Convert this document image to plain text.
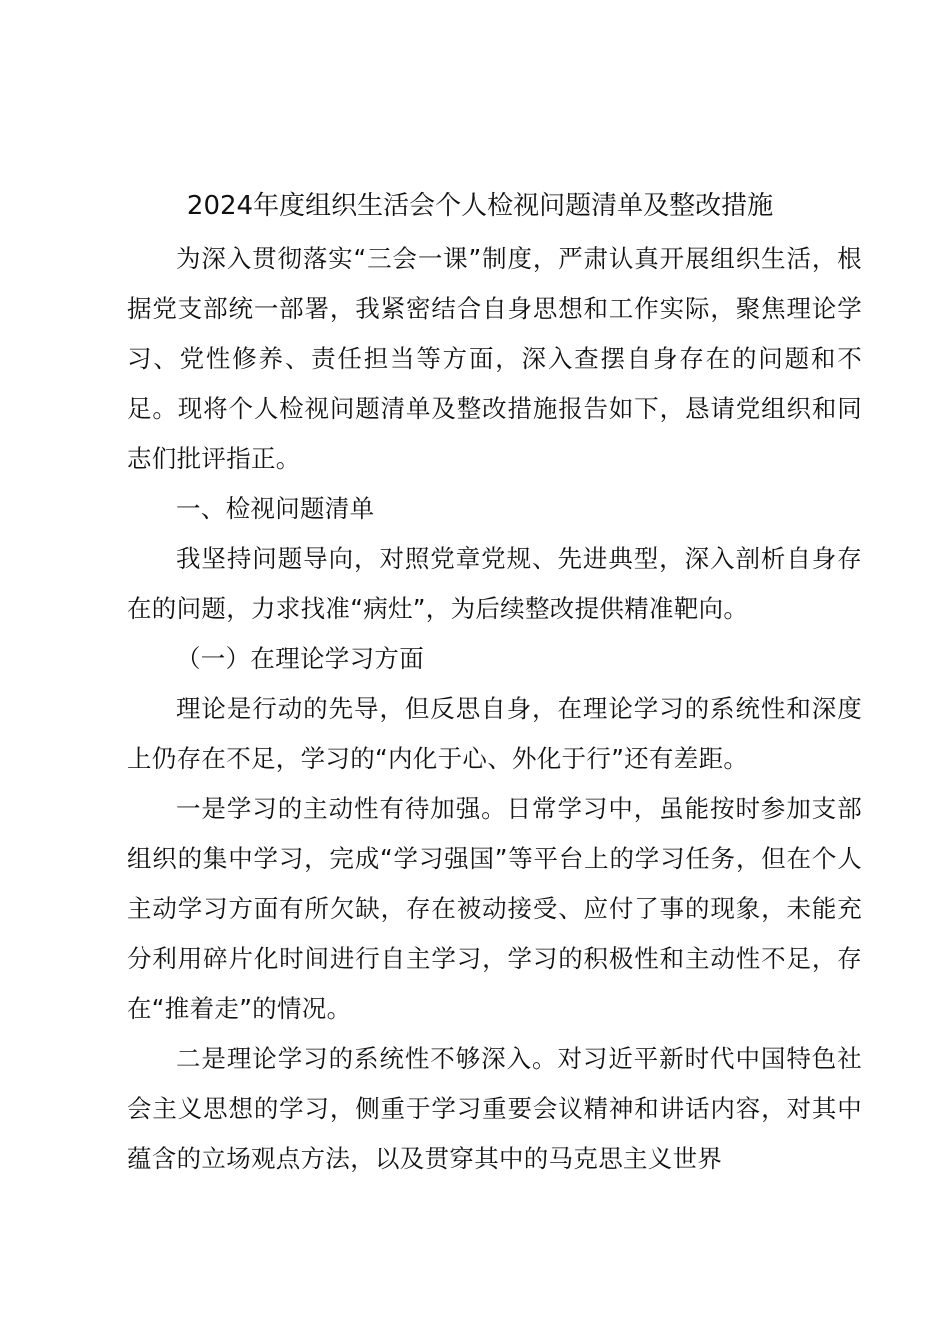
2024年度组织生活会个人检视问题清单及整改措施

为深入贯彻落实“三会一课”制度，严肃认真开展组织生活，根据党支部统一部署，我紧密结合自身思想和工作实际，聚焦理论学习、党性修养、责任担当等方面，深入查摆自身存在的问题和不足。现将个人检视问题清单及整改措施报告如下，恳请党组织和同志们批评指正。

一、检视问题清单

我坚持问题导向，对照党章党规、先进典型，深入剖析自身存在的问题，力求找准“病灶”，为后续整改提供精准靶向。

（一）在理论学习方面

理论是行动的先导，但反思自身，在理论学习的系统性和深度上仍存在不足，学习的“内化于心、外化于行”还有差距。

一是学习的主动性有待加强。日常学习中，虽能按时参加支部组织的集中学习，完成“学习强国”等平台上的学习任务，但在个人主动学习方面有所欠缺，存在被动接受、应付了事的现象，未能充分利用碎片化时间进行自主学习，学习的积极性和主动性不足，存在“推着走”的情况。

二是理论学习的系统性不够深入。对习近平新时代中国特色社会主义思想的学习，侧重于学习重要会议精神和讲话内容，对其中蕴含的立场观点方法，以及贯穿其中的马克思主义世界
